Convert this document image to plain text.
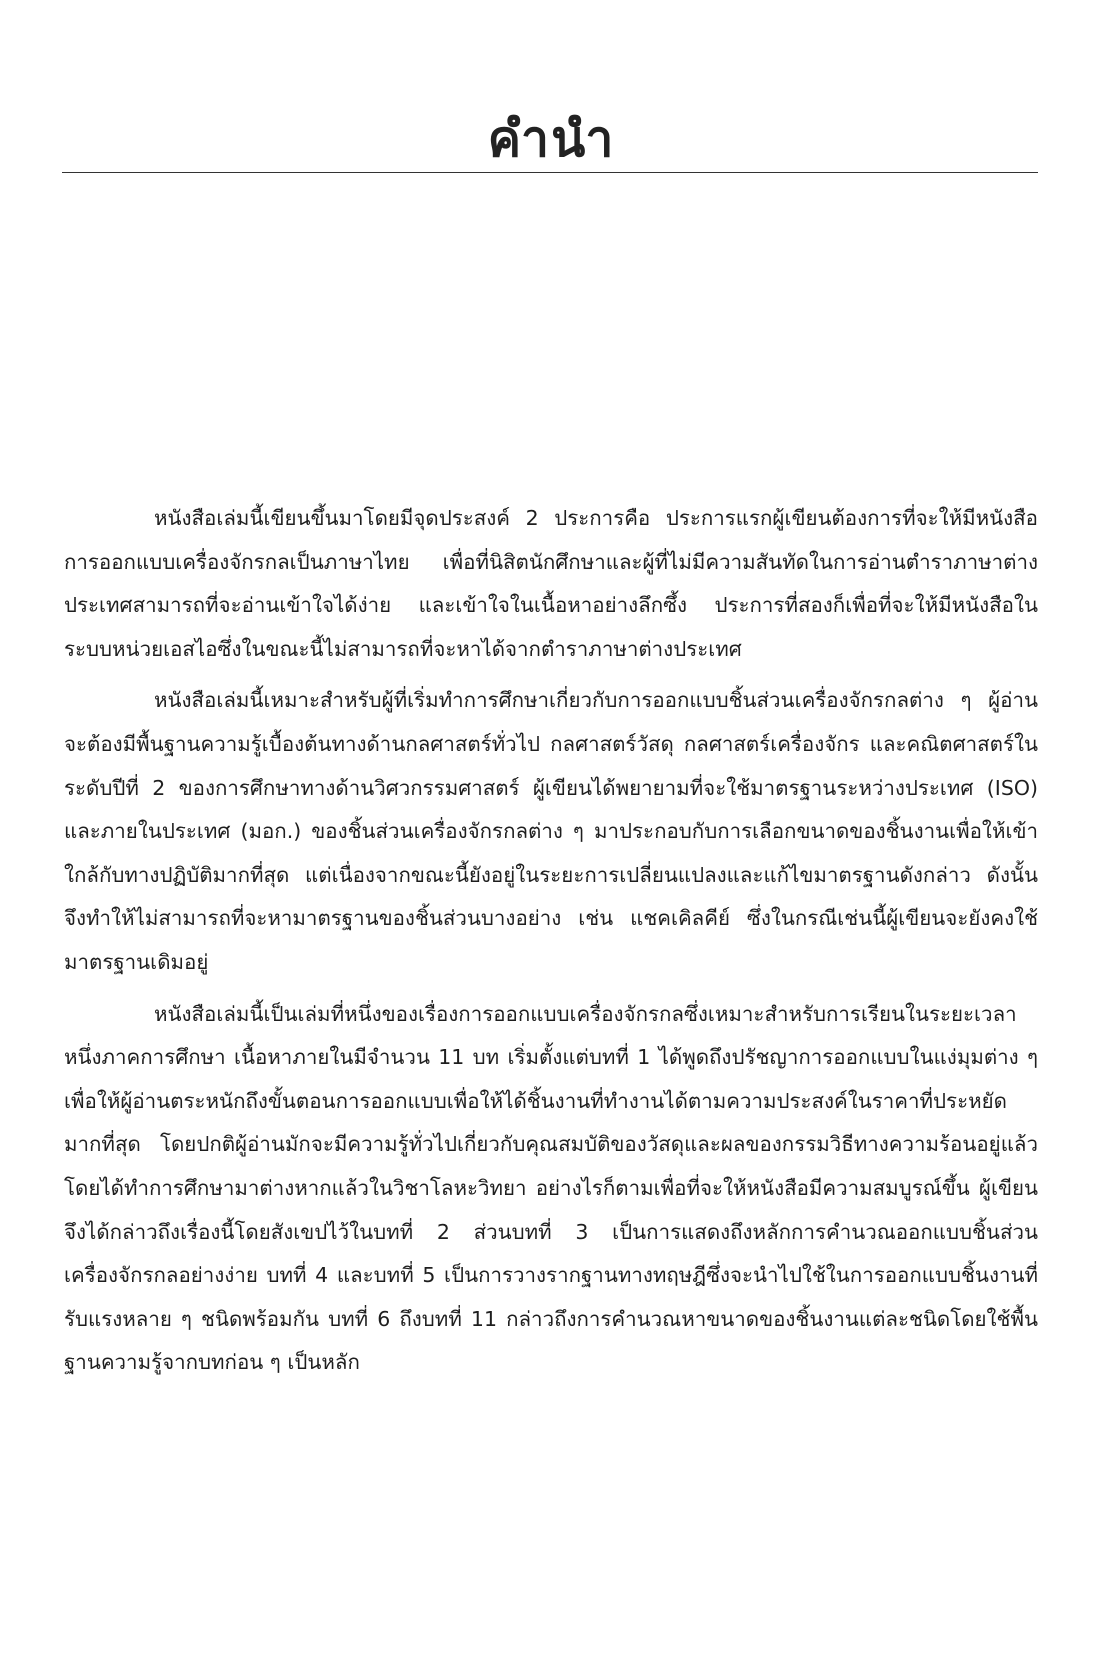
คำนำ

หนังสือเล่มนี้เขียนขึ้นมาโดยมีจุดประสงค์ 2 ประการคือ ประการแรกผู้เขียนต้องการที่จะให้มีหนังสือการออกแบบเครื่องจักรกลเป็นภาษาไทย เพื่อที่นิสิตนักศึกษาและผู้ที่ไม่มีความสันทัดในการอ่านตำราภาษาต่างประเทศสามารถที่จะอ่านเข้าใจได้ง่าย และเข้าใจในเนื้อหาอย่างลึกซึ้ง ประการที่สองก็เพื่อที่จะให้มีหนังสือในระบบหน่วยเอสไอซึ่งในขณะนี้ไม่สามารถที่จะหาได้จากตำราภาษาต่างประเทศ

หนังสือเล่มนี้เหมาะสำหรับผู้ที่เริ่มทำการศึกษาเกี่ยวกับการออกแบบชิ้นส่วนเครื่องจักรกลต่าง ๆ ผู้อ่านจะต้องมีพื้นฐานความรู้เบื้องต้นทางด้านกลศาสตร์ทั่วไป กลศาสตร์วัสดุ กลศาสตร์เครื่องจักร และคณิตศาสตร์ในระดับปีที่ 2 ของการศึกษาทางด้านวิศวกรรมศาสตร์ ผู้เขียนได้พยายามที่จะใช้มาตรฐานระหว่างประเทศ (ISO) และภายในประเทศ (มอก.) ของชิ้นส่วนเครื่องจักรกลต่าง ๆ มาประกอบกับการเลือกขนาดของชิ้นงานเพื่อให้เข้าใกล้กับทางปฏิบัติมากที่สุด แต่เนื่องจากขณะนี้ยังอยู่ในระยะการเปลี่ยนแปลงและแก้ไขมาตรฐานดังกล่าว ดังนั้นจึงทำให้ไม่สามารถที่จะหามาตรฐานของชิ้นส่วนบางอย่าง เช่น แชคเคิลคีย์ ซึ่งในกรณีเช่นนี้ผู้เขียนจะยังคงใช้มาตรฐานเดิมอยู่

หนังสือเล่มนี้เป็นเล่มที่หนึ่งของเรื่องการออกแบบเครื่องจักรกลซึ่งเหมาะสำหรับการเรียนในระยะเวลาหนึ่งภาคการศึกษา เนื้อหาภายในมีจำนวน 11 บท เริ่มตั้งแต่บทที่ 1 ได้พูดถึงปรัชญาการออกแบบในแง่มุมต่าง ๆ เพื่อให้ผู้อ่านตระหนักถึงขั้นตอนการออกแบบเพื่อให้ได้ชิ้นงานที่ทำงานได้ตามความประสงค์ในราคาที่ประหยัดมากที่สุด โดยปกติผู้อ่านมักจะมีความรู้ทั่วไปเกี่ยวกับคุณสมบัติของวัสดุและผลของกรรมวิธีทางความร้อนอยู่แล้ว โดยได้ทำการศึกษามาต่างหากแล้วในวิชาโลหะวิทยา อย่างไรก็ตามเพื่อที่จะให้หนังสือมีความสมบูรณ์ขึ้น ผู้เขียนจึงได้กล่าวถึงเรื่องนี้โดยสังเขปไว้ในบทที่ 2 ส่วนบทที่ 3 เป็นการแสดงถึงหลักการคำนวณออกแบบชิ้นส่วนเครื่องจักรกลอย่างง่าย บทที่ 4 และบทที่ 5 เป็นการวางรากฐานทางทฤษฎีซึ่งจะนำไปใช้ในการออกแบบชิ้นงานที่รับแรงหลาย ๆ ชนิดพร้อมกัน บทที่ 6 ถึงบทที่ 11 กล่าวถึงการคำนวณหาขนาดของชิ้นงานแต่ละชนิดโดยใช้พื้นฐานความรู้จากบทก่อน ๆ เป็นหลัก
